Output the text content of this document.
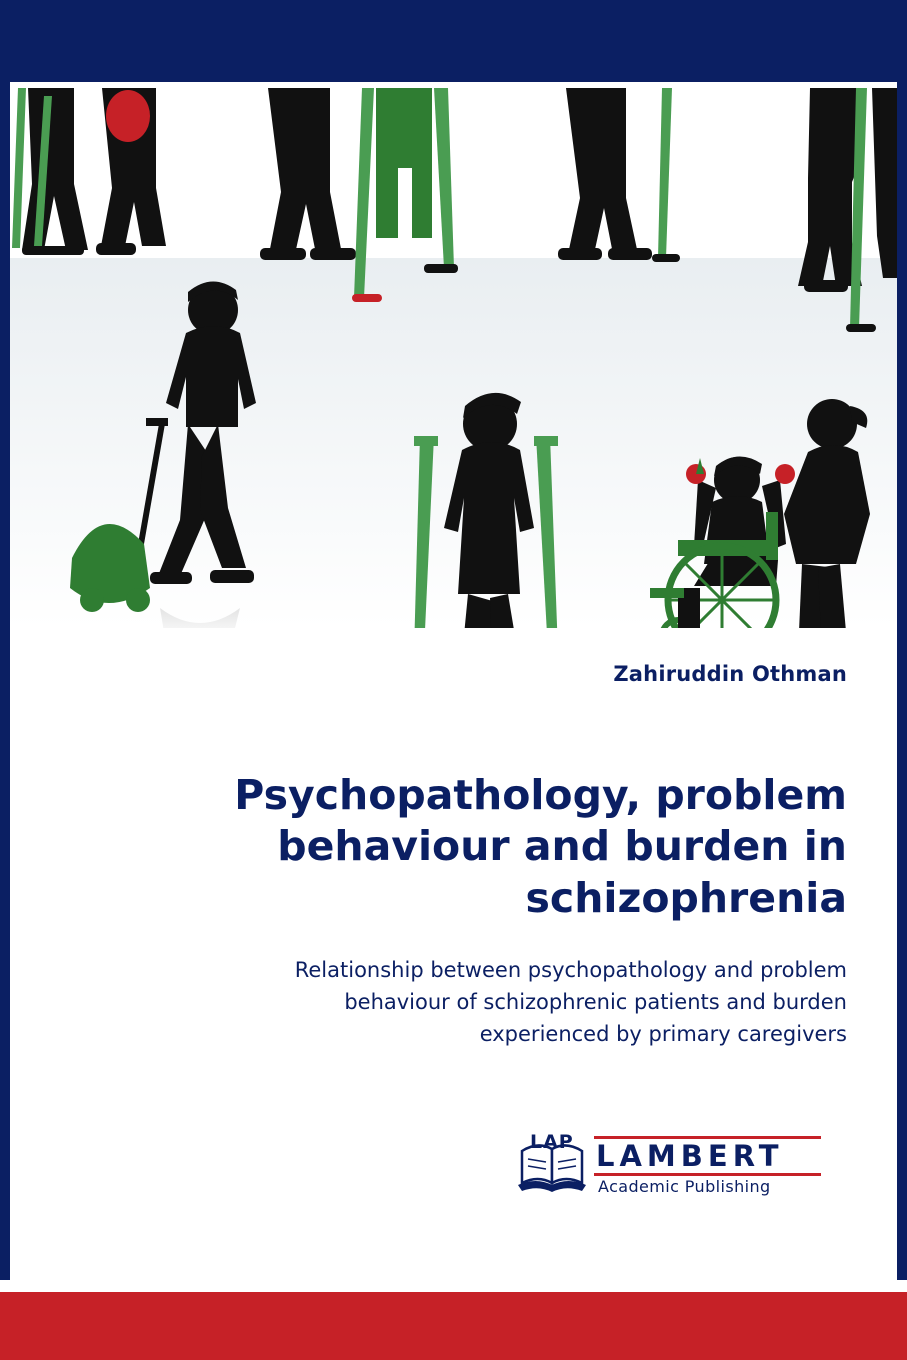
Zahiruddin Othman
Psychopathology, problem
behaviour and burden in
schizophrenia
Relationship between psychopathology and problem
behaviour of schizophrenic patients and burden
experienced by primary caregivers
LAP LAMBERT
Academic Publishing
